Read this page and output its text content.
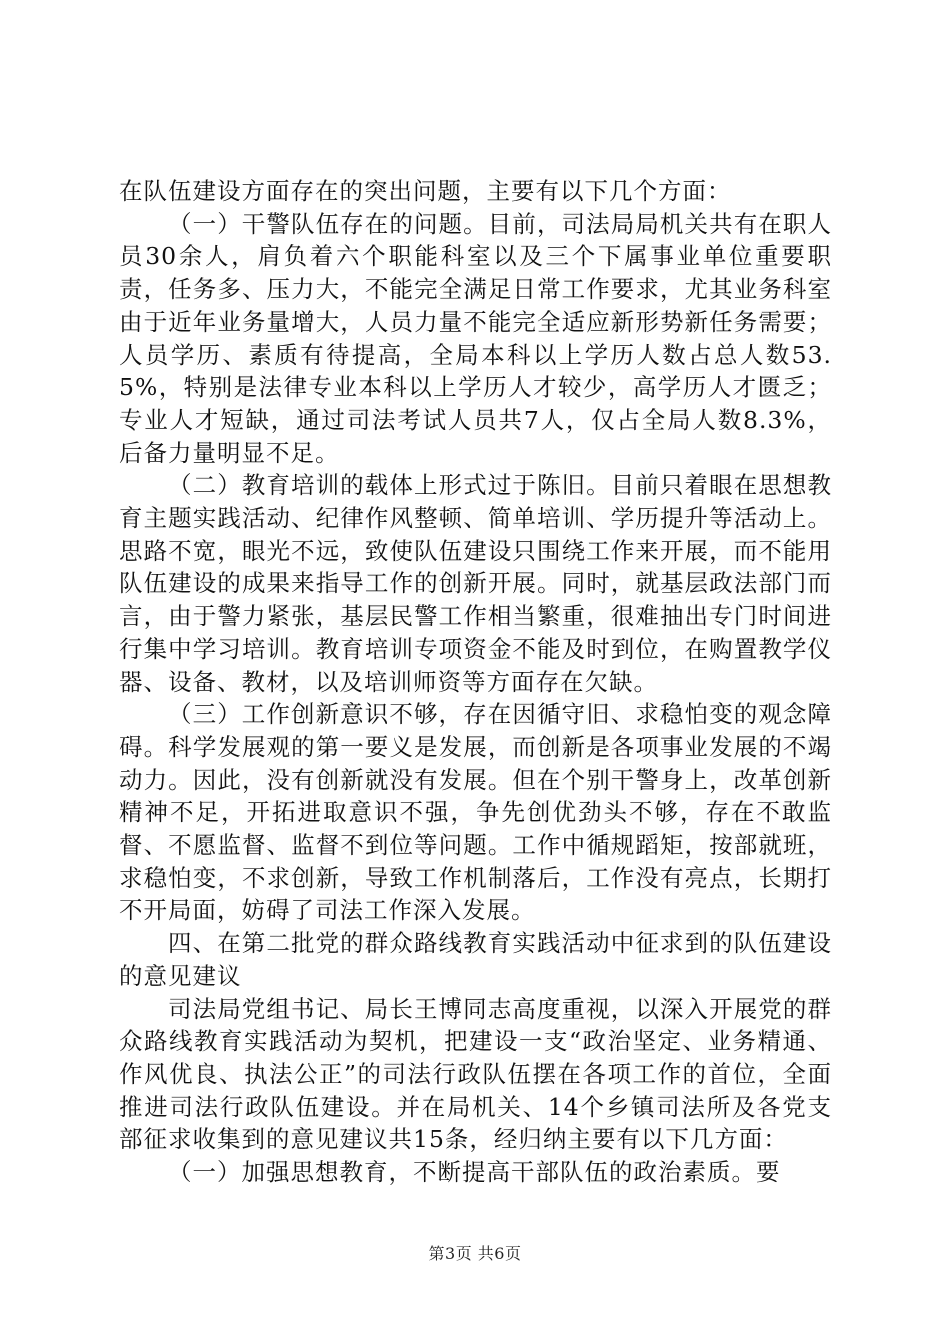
在队伍建设方面存在的突出问题，主要有以下几个方面：

（一）干警队伍存在的问题。目前，司法局局机关共有在职人员30余人，肩负着六个职能科室以及三个下属事业单位重要职责，任务多、压力大，不能完全满足日常工作要求，尤其业务科室由于近年业务量增大，人员力量不能完全适应新形势新任务需要；人员学历、素质有待提高，全局本科以上学历人数占总人数53.5%，特别是法律专业本科以上学历人才较少，高学历人才匮乏；专业人才短缺，通过司法考试人员共7人，仅占全局人数8.3%，后备力量明显不足。

（二）教育培训的载体上形式过于陈旧。目前只着眼在思想教育主题实践活动、纪律作风整顿、简单培训、学历提升等活动上。思路不宽，眼光不远，致使队伍建设只围绕工作来开展，而不能用队伍建设的成果来指导工作的创新开展。同时，就基层政法部门而言，由于警力紧张，基层民警工作相当繁重，很难抽出专门时间进行集中学习培训。教育培训专项资金不能及时到位，在购置教学仪器、设备、教材，以及培训师资等方面存在欠缺。

（三）工作创新意识不够，存在因循守旧、求稳怕变的观念障碍。科学发展观的第一要义是发展，而创新是各项事业发展的不竭动力。因此，没有创新就没有发展。但在个别干警身上，改革创新精神不足，开拓进取意识不强，争先创优劲头不够，存在不敢监督、不愿监督、监督不到位等问题。工作中循规蹈矩，按部就班，求稳怕变，不求创新，导致工作机制落后，工作没有亮点，长期打不开局面，妨碍了司法工作深入发展。

四、在第二批党的群众路线教育实践活动中征求到的队伍建设的意见建议

司法局党组书记、局长王博同志高度重视，以深入开展党的群众路线教育实践活动为契机，把建设一支“政治坚定、业务精通、作风优良、执法公正”的司法行政队伍摆在各项工作的首位，全面推进司法行政队伍建设。并在局机关、14个乡镇司法所及各党支部征求收集到的意见建议共15条，经归纳主要有以下几方面：

（一）加强思想教育，不断提高干部队伍的政治素质。要

第3页 共6页
